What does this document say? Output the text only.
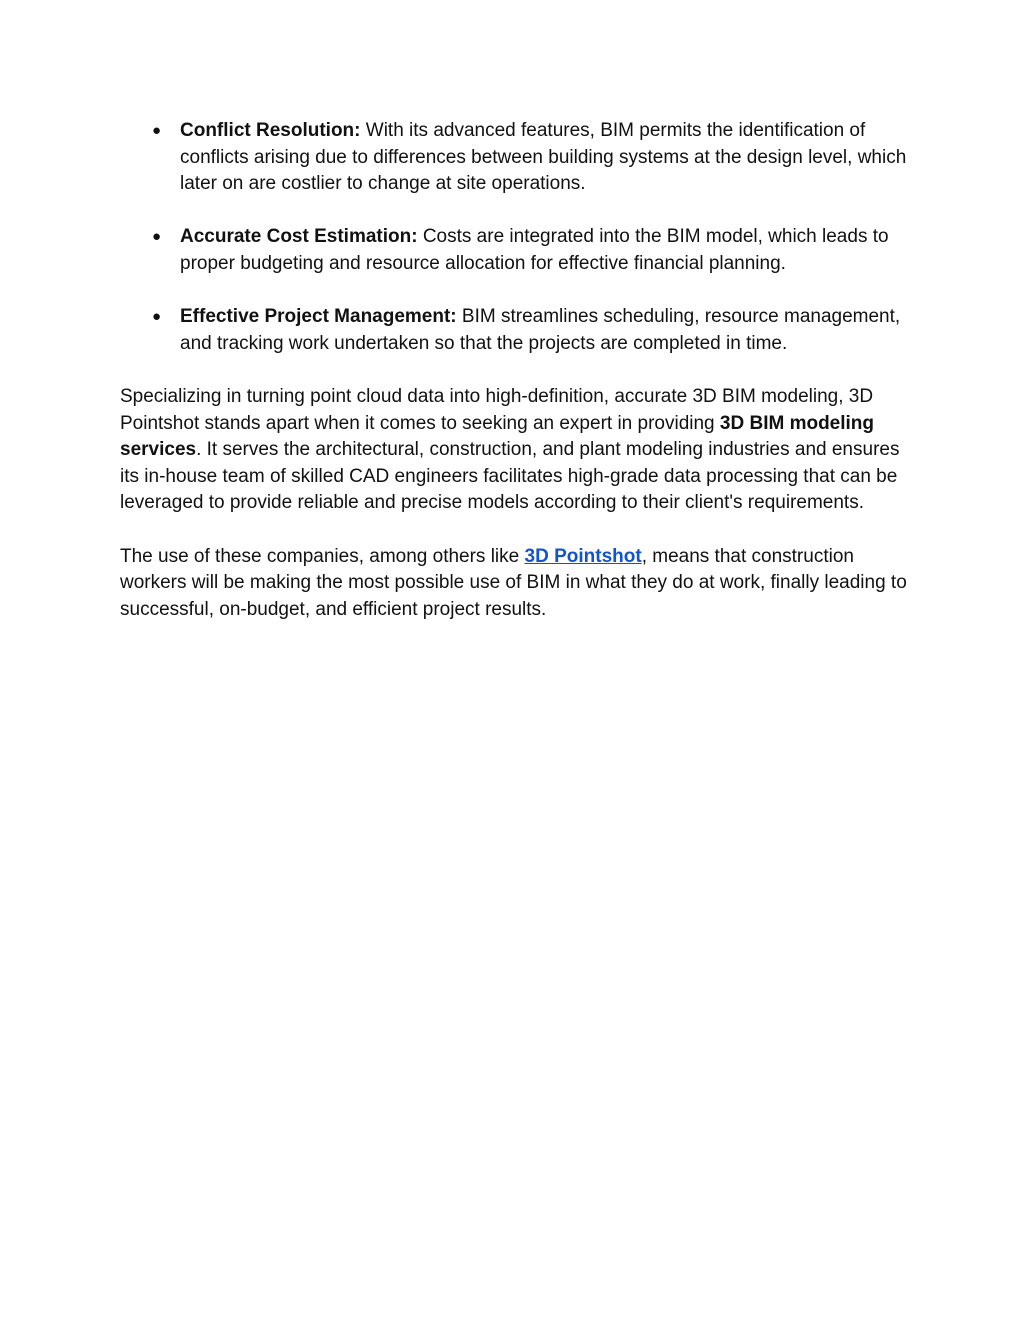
● Conflict Resolution: With its advanced features, BIM permits the identification of conflicts arising due to differences between building systems at the design level, which later on are costlier to change at site operations.
● Accurate Cost Estimation: Costs are integrated into the BIM model, which leads to proper budgeting and resource allocation for effective financial planning.
● Effective Project Management: BIM streamlines scheduling, resource management, and tracking work undertaken so that the projects are completed in time.

Specializing in turning point cloud data into high-definition, accurate 3D BIM modeling, 3D Pointshot stands apart when it comes to seeking an expert in providing 3D BIM modeling services. It serves the architectural, construction, and plant modeling industries and ensures its in-house team of skilled CAD engineers facilitates high-grade data processing that can be leveraged to provide reliable and precise models according to their client's requirements.

The use of these companies, among others like 3D Pointshot, means that construction workers will be making the most possible use of BIM in what they do at work, finally leading to successful, on-budget, and efficient project results.
